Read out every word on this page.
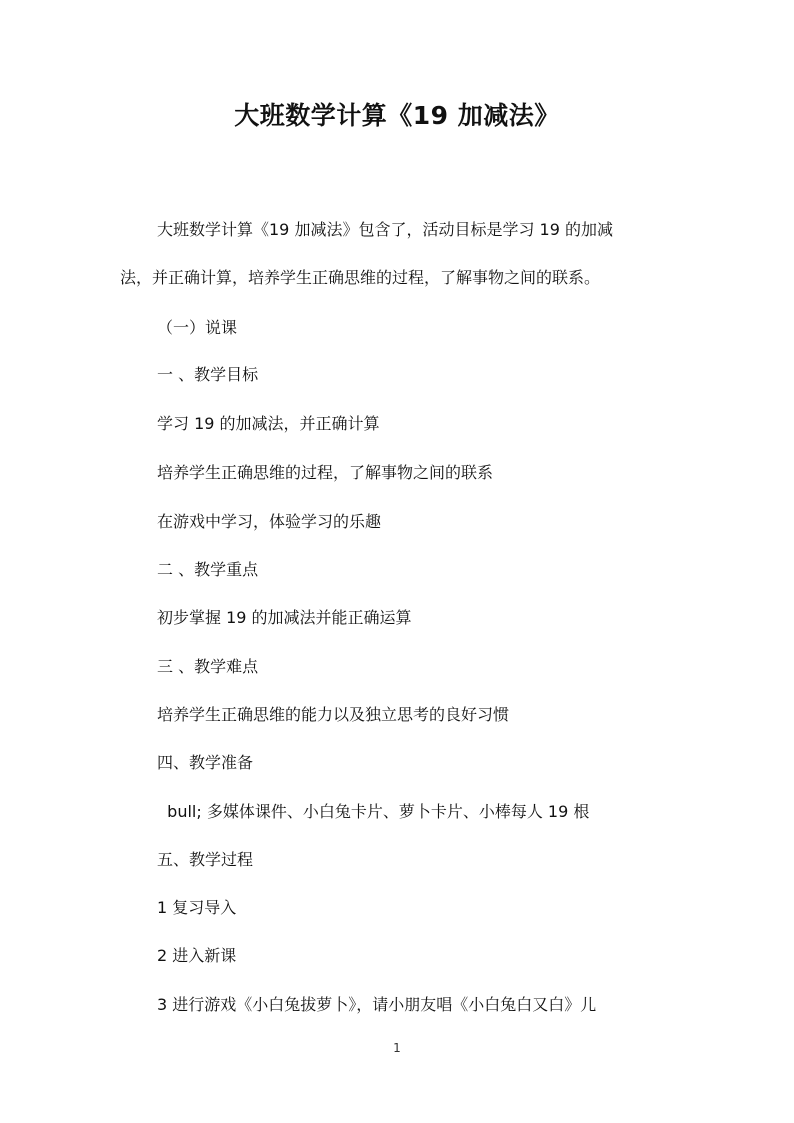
大班数学计算《19 加减法》
大班数学计算《19 加减法》包含了，活动目标是学习 19 的加减
法，并正确计算，培养学生正确思维的过程，了解事物之间的联系。
（一）说课
一 、教学目标
学习 19 的加减法，并正确计算
培养学生正确思维的过程，了解事物之间的联系
在游戏中学习，体验学习的乐趣
二 、教学重点
初步掌握 19 的加减法并能正确运算
三 、教学难点
培养学生正确思维的能力以及独立思考的良好习惯
四、教学准备
bull; 多媒体课件、小白兔卡片、萝卜卡片、小棒每人 19 根
五、教学过程
1 复习导入
2 进入新课
3 进行游戏《小白兔拔萝卜》，请小朋友唱《小白兔白又白》儿
1
